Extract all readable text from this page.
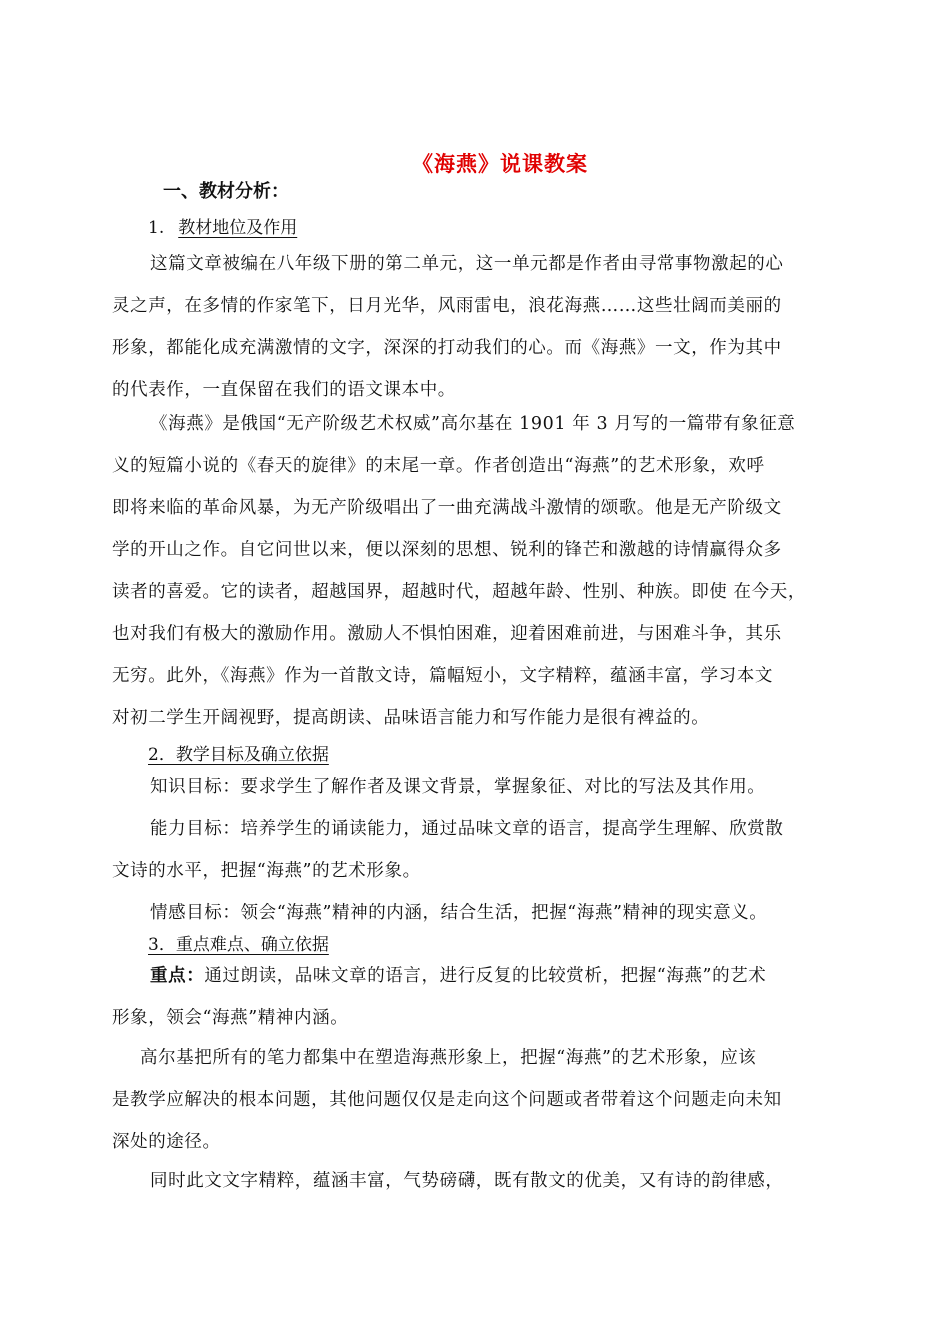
《海燕》说课教案
一、教材分析：
1. 教材地位及作用

这篇文章被编在八年级下册的第二单元，这一单元都是作者由寻常事物激起的心
灵之声，在多情的作家笔下，日月光华，风雨雷电，浪花海燕……这些壮阔而美丽的
形象，都能化成充满激情的文字，深深的打动我们的心。而《海燕》一文，作为其中
的代表作，一直保留在我们的语文课本中。

《海燕》是俄国“无产阶级艺术权威”高尔基在 1901 年 3 月写的一篇带有象征意
义的短篇小说的《春天的旋律》的末尾一章。作者创造出“海燕”的艺术形象，欢呼
即将来临的革命风暴，为无产阶级唱出了一曲充满战斗激情的颂歌。他是无产阶级文
学的开山之作。自它问世以来，便以深刻的思想、锐利的锋芒和激越的诗情赢得众多
读者的喜爱。它的读者，超越国界，超越时代，超越年龄、性别、种族。即使 在今天，
也对我们有极大的激励作用。激励人不惧怕困难，迎着困难前进，与困难斗争，其乐
无穷。此外，《海燕》作为一首散文诗，篇幅短小，文字精粹，蕴涵丰富，学习本文
对初二学生开阔视野，提高朗读、品味语言能力和写作能力是很有裨益的。

2．教学目标及确立依据

知识目标：要求学生了解作者及课文背景，掌握象征、对比的写法及其作用。
能力目标：培养学生的诵读能力，通过品味文章的语言，提高学生理解、欣赏散
文诗的水平，把握“海燕”的艺术形象。
情感目标：领会“海燕”精神的内涵，结合生活，把握“海燕”精神的现实意义。

3．重点难点、确立依据

重点：通过朗读，品味文章的语言，进行反复的比较赏析，把握“海燕”的艺术
形象，领会“海燕”精神内涵。

高尔基把所有的笔力都集中在塑造海燕形象上，把握“海燕”的艺术形象，应该
是教学应解决的根本问题，其他问题仅仅是走向这个问题或者带着这个问题走向未知
深处的途径。

同时此文文字精粹，蕴涵丰富，气势磅礴，既有散文的优美，又有诗的韵律感，
